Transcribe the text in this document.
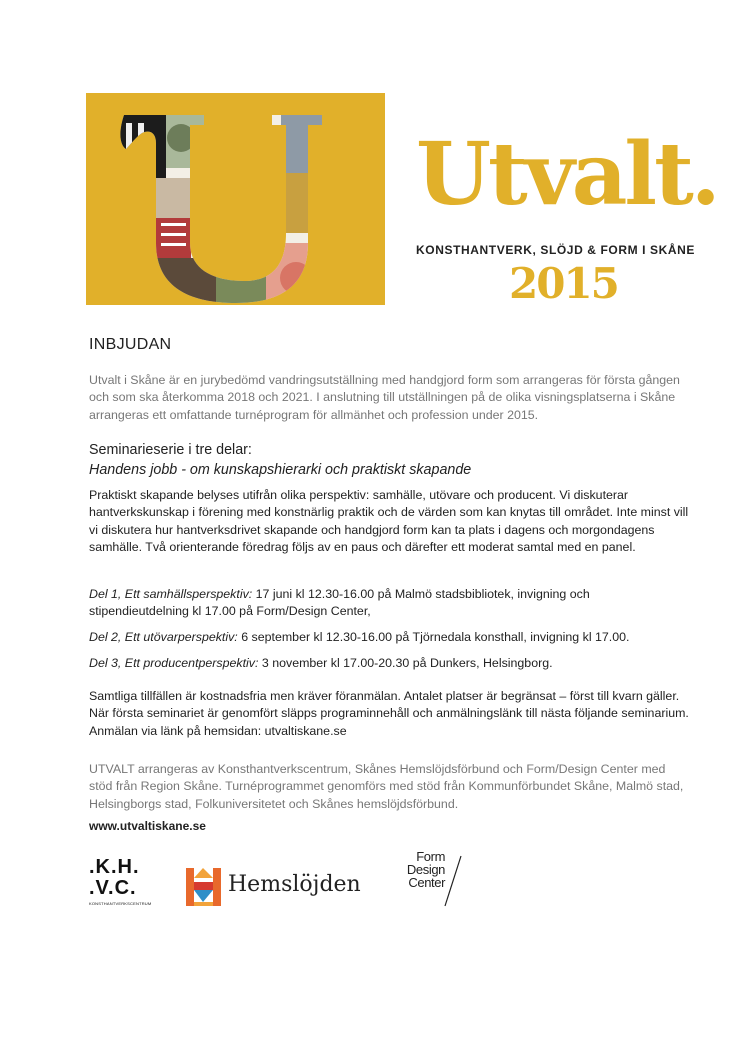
Utvalt.
KONSTHANTVERK, SLÖJD & FORM I SKÅNE
2015
INBJUDAN

Utvalt i Skåne är en jurybedömd vandringsutställning med handgjord form som arrangeras för första gången och som ska återkomma 2018 och 2021. I anslutning till utställningen på de olika visningsplatserna i Skåne arrangeras ett omfattande turnéprogram för allmänhet och profession under 2015.

Seminarieserie i tre delar:
Handens jobb - om kunskapshierarki och praktiskt skapande

Praktiskt skapande belyses utifrån olika perspektiv: samhälle, utövare och producent. Vi diskuterar hantverkskunskap i förening med konstnärlig praktik och de värden som kan knytas till området. Inte minst vill vi diskutera hur hantverksdrivet skapande och handgjord form kan ta plats i dagens och morgondagens samhälle. Två orienterande föredrag följs av en paus och därefter ett moderat samtal med en panel.

Del 1, Ett samhällsperspektiv: 17 juni kl 12.30-16.00 på Malmö stadsbibliotek, invigning och stipendieutdelning kl 17.00 på Form/Design Center,

Del 2, Ett utövarperspektiv: 6 september kl 12.30-16.00 på Tjörnedala konsthall, invigning kl 17.00.

Del 3, Ett producentperspektiv: 3 november kl 17.00-20.30 på Dunkers, Helsingborg.

Samtliga tillfällen är kostnadsfria men kräver föranmälan. Antalet platser är begränsat – först till kvarn gäller. När första seminariet är genomfört släpps programinnehåll och anmälningslänk till nästa följande seminarium. Anmälan via länk på hemsidan: utvaltiskane.se

UTVALT arrangeras av Konsthantverkscentrum, Skånes Hemslöjdsförbund och Form/Design Center med stöd från Region Skåne. Turnéprogrammet genomförs med stöd från Kommunförbundet Skåne, Malmö stad, Helsingborgs stad, Folkuniversitetet och Skånes hemslöjdsförbund.

www.utvaltiskane.se
.K.H.
.V.C.
KONSTHANTVERKSCENTRUM
Hemslöjden
Form
Design
Center
